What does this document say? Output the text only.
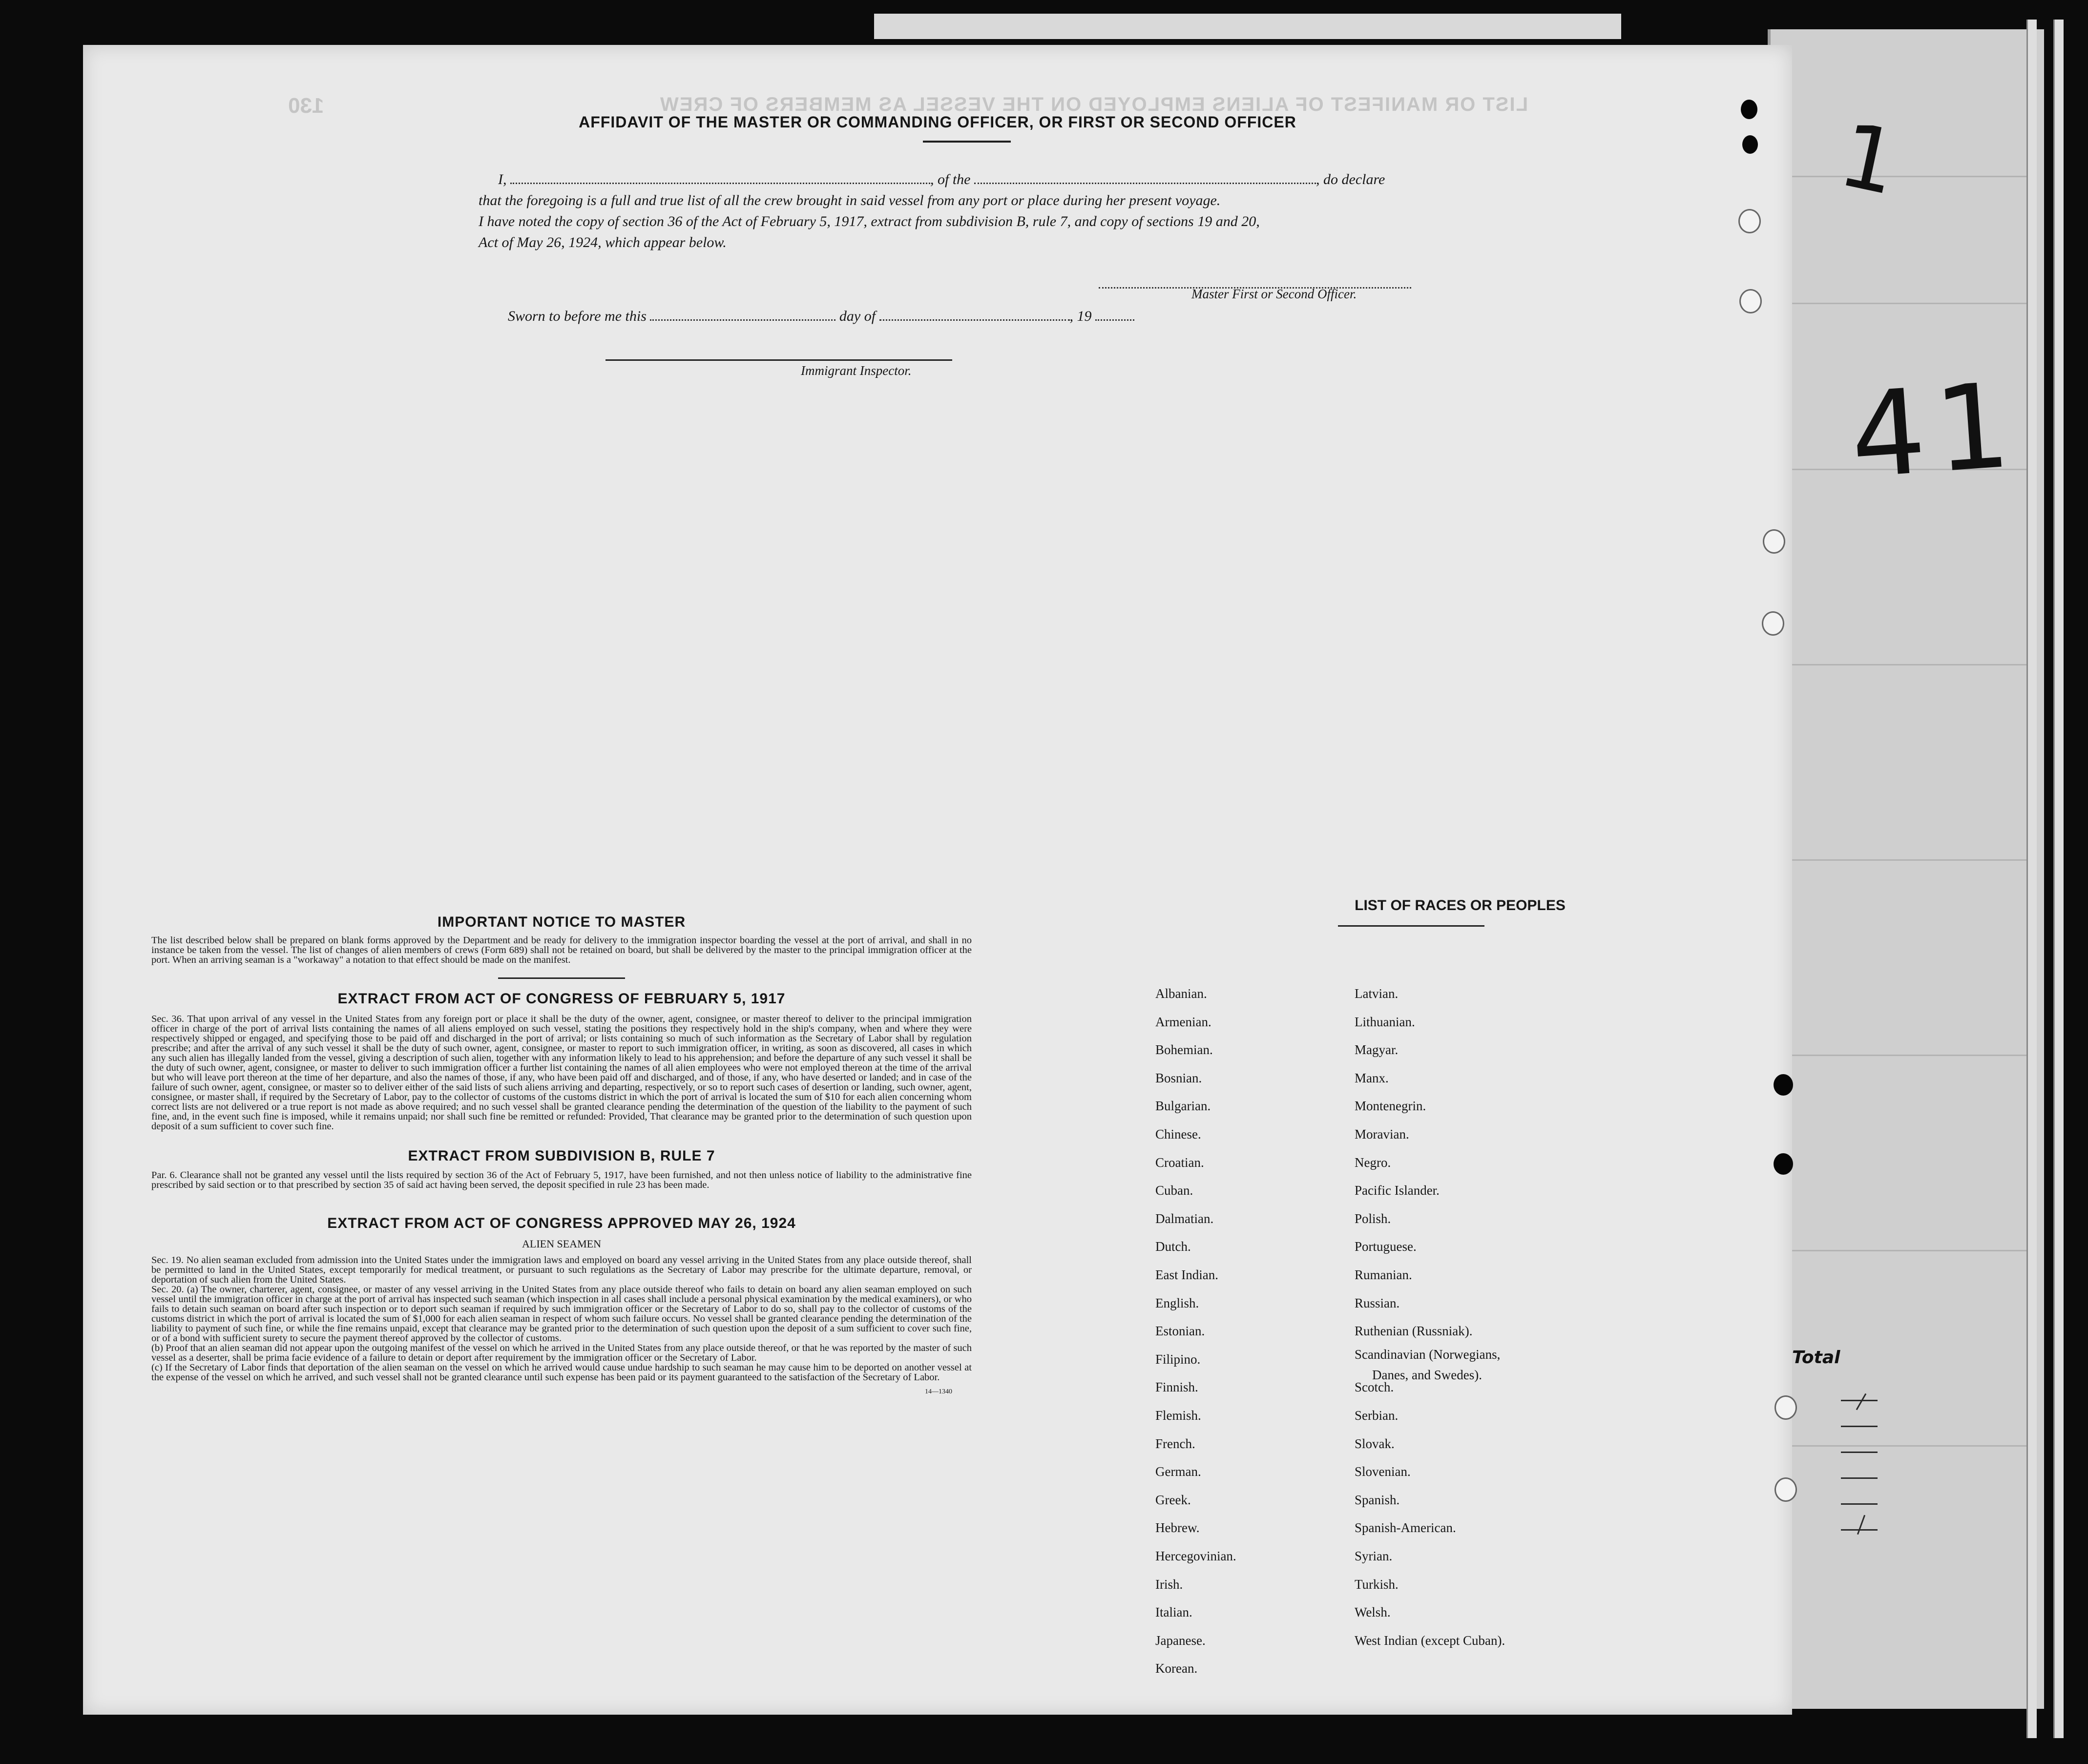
130	LIST OR MANIFEST OF ALIENS EMPLOYED ON THE VESSEL AS MEMBERS OF CREW
AFFIDAVIT OF THE MASTER OR COMMANDING OFFICER, OR FIRST OR SECOND OFFICER
I,	, of the	, do declare
that the foregoing is a full and true list of all the crew brought in said vessel from any port or place during her present voyage.
I have noted the copy of section 36 of the Act of February 5, 1917, extract from subdivision B, rule 7, and copy of sections 19 and 20,
Act of May 26, 1924, which appear below.
Master First or Second Officer.
Sworn to before me this	day of	, 19
Immigrant Inspector.
1
41
Total

IMPORTANT NOTICE TO MASTER

The list described below shall be prepared on blank forms approved by the Department and be ready for delivery to the immigration inspector boarding the vessel at the port of arrival, and shall in no instance be taken from the vessel. The list of changes of alien members of crews (Form 689) shall not be retained on board, but shall be delivered by the master to the principal immigration officer at the port. When an arriving seaman is a "workaway" a notation to that effect should be made on the manifest.

EXTRACT FROM ACT OF CONGRESS OF FEBRUARY 5, 1917

Sec. 36. That upon arrival of any vessel in the United States from any foreign port or place it shall be the duty of the owner, agent, consignee, or master thereof to deliver to the principal immigration officer in charge of the port of arrival lists containing the names of all aliens employed on such vessel, stating the positions they respectively hold in the ship's company, when and where they were respectively shipped or engaged, and specifying those to be paid off and discharged in the port of arrival; or lists containing so much of such information as the Secretary of Labor shall by regulation prescribe; and after the arrival of any such vessel it shall be the duty of such owner, agent, consignee, or master to report to such immigration officer, in writing, as soon as discovered, all cases in which any such alien has illegally landed from the vessel, giving a description of such alien, together with any information likely to lead to his apprehension; and before the departure of any such vessel it shall be the duty of such owner, agent, consignee, or master to deliver to such immigration officer a further list containing the names of all alien employees who were not employed thereon at the time of the arrival but who will leave port thereon at the time of her departure, and also the names of those, if any, who have been paid off and discharged, and of those, if any, who have deserted or landed; and in case of the failure of such owner, agent, consignee, or master so to deliver either of the said lists of such aliens arriving and departing, respectively, or so to report such cases of desertion or landing, such owner, agent, consignee, or master shall, if required by the Secretary of Labor, pay to the collector of customs of the customs district in which the port of arrival is located the sum of $10 for each alien concerning whom correct lists are not delivered or a true report is not made as above required; and no such vessel shall be granted clearance pending the determination of the question of the liability to the payment of such fine, and, in the event such fine is imposed, while it remains unpaid; nor shall such fine be remitted or refunded: Provided, That clearance may be granted prior to the determination of such question upon deposit of a sum sufficient to cover such fine.

EXTRACT FROM SUBDIVISION B, RULE 7

Par. 6. Clearance shall not be granted any vessel until the lists required by section 36 of the Act of February 5, 1917, have been furnished, and not then unless notice of liability to the administrative fine prescribed by said section or to that prescribed by section 35 of said act having been served, the deposit specified in rule 23 has been made.

EXTRACT FROM ACT OF CONGRESS APPROVED MAY 26, 1924

ALIEN SEAMEN

Sec. 19. No alien seaman excluded from admission into the United States under the immigration laws and employed on board any vessel arriving in the United States from any place outside thereof, shall be permitted to land in the United States, except temporarily for medical treatment, or pursuant to such regulations as the Secretary of Labor may prescribe for the ultimate departure, removal, or deportation of such alien from the United States.

Sec. 20. (a) The owner, charterer, agent, consignee, or master of any vessel arriving in the United States from any place outside thereof who fails to detain on board any alien seaman employed on such vessel until the immigration officer in charge at the port of arrival has inspected such seaman (which inspection in all cases shall include a personal physical examination by the medical examiners), or who fails to detain such seaman on board after such inspection or to deport such seaman if required by such immigration officer or the Secretary of Labor to do so, shall pay to the collector of customs of the customs district in which the port of arrival is located the sum of $1,000 for each alien seaman in respect of whom such failure occurs. No vessel shall be granted clearance pending the determination of the liability to payment of such fine, or while the fine remains unpaid, except that clearance may be granted prior to the determination of such question upon the deposit of a sum sufficient to cover such fine, or of a bond with sufficient surety to secure the payment thereof approved by the collector of customs.

(b) Proof that an alien seaman did not appear upon the outgoing manifest of the vessel on which he arrived in the United States from any place outside thereof, or that he was reported by the master of such vessel as a deserter, shall be prima facie evidence of a failure to detain or deport after requirement by the immigration officer or the Secretary of Labor.

(c) If the Secretary of Labor finds that deportation of the alien seaman on the vessel on which he arrived would cause undue hardship to such seaman he may cause him to be deported on another vessel at the expense of the vessel on which he arrived, and such vessel shall not be granted clearance until such expense has been paid or its payment guaranteed to the satisfaction of the Secretary of Labor.

14—1340

LIST OF RACES OR PEOPLES
Albanian.
Armenian.
Bohemian.
Bosnian.
Bulgarian.
Chinese.
Croatian.
Cuban.
Dalmatian.
Dutch.
East Indian.
English.
Estonian.
Filipino.
Finnish.
Flemish.
French.
German.
Greek.
Hebrew.
Hercegovinian.
Irish.
Italian.
Japanese.
Korean.
Latvian.
Lithuanian.
Magyar.
Manx.
Montenegrin.
Moravian.
Negro.
Pacific Islander.
Polish.
Portuguese.
Rumanian.
Russian.
Ruthenian (Russniak).
Scandinavian (Norwegians,
Danes, and Swedes).
Scotch.
Serbian.
Slovak.
Slovenian.
Spanish.
Spanish-American.
Syrian.
Turkish.
Welsh.
West Indian (except Cuban).
